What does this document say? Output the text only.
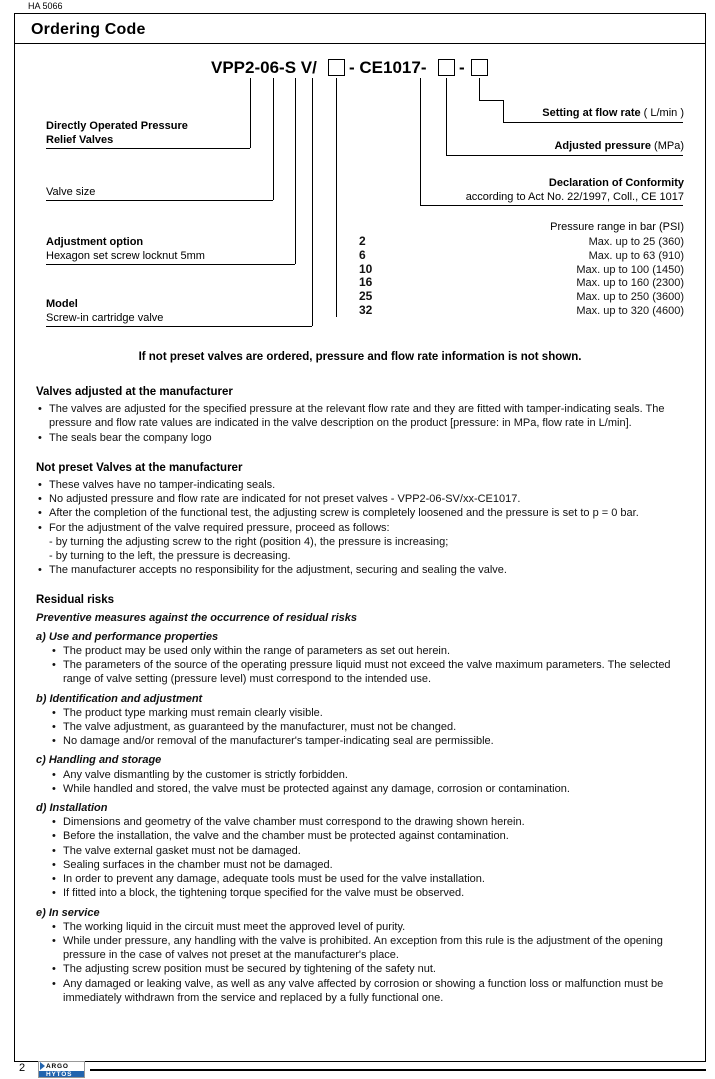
HA 5066
Ordering Code
VPP2-06-S V/ - CE1017- -
Directly Operated Pressure
Relief Valves
Valve size
Adjustment option
Hexagon set screw locknut 5mm
Model
Screw-in cartridge valve
Setting at flow rate ( L/min )
Adjusted pressure (MPa)
Declaration of Conformity
according to Act No. 22/1997, Coll., CE 1017
Pressure range in bar (PSI)
2	Max. up to 25 (360)
6	Max. up to 63 (910)
10	Max. up to 100 (1450)
16	Max. up to 160 (2300)
25	Max. up to 250 (3600)
32	Max. up to 320 (4600)
If not preset valves are ordered, pressure and flow rate information is not shown.
Valves adjusted at the manufacturer
• The valves are adjusted for the specified pressure at the relevant flow rate and they are fitted with tamper-indicating seals. The pressure and flow rate values are indicated in the valve description on the product [pressure: in MPa, flow rate in L/min].
• The seals bear the company logo
Not preset Valves at the manufacturer
• These valves have no tamper-indicating seals.
• No adjusted pressure and flow rate are indicated for not preset valves - VPP2-06-SV/xx-CE1017.
• After the completion of the functional test, the adjusting screw is completely loosened and the pressure is set to p = 0 bar.
• For the adjustment of the valve required pressure, proceed as follows:
- by turning the adjusting screw to the right (position 4), the pressure is increasing;
- by turning to the left, the pressure is decreasing.
• The manufacturer accepts no responsibility for the adjustment, securing and sealing the valve.
Residual risks
Preventive measures against the occurrence of residual risks
a) Use and performance properties
• The product may be used only within the range of parameters as set out herein.
• The parameters of the source of the operating pressure liquid must not exceed the valve maximum parameters. The selected range of valve setting (pressure level) must correspond to the intended use.
b) Identification and adjustment
• The product type marking must remain clearly visible.
• The valve adjustment, as guaranteed by the manufacturer, must not be changed.
• No damage and/or removal of the manufacturer's tamper-indicating seal are permissible.
c) Handling and storage
• Any valve dismantling by the customer is strictly forbidden.
• While handled and stored, the valve must be protected against any damage, corrosion or contamination.
d) Installation
• Dimensions and geometry of the valve chamber must correspond to the drawing shown herein.
• Before the installation, the valve and the chamber must be protected against contamination.
• The valve external gasket must not be damaged.
• Sealing surfaces in the chamber must not be damaged.
• In order to prevent any damage, adequate tools must be used for the valve installation.
• If fitted into a block, the tightening torque specified for the valve must be observed.
e) In service
• The working liquid in the circuit must meet the approved level of purity.
• While under pressure, any handling with the valve is prohibited. An exception from this rule is the adjustment of the opening pressure in the case of valves not preset at the manufacturer's place.
• The adjusting screw position must be secured by tightening of the safety nut.
• Any damaged or leaking valve, as well as any valve affected by corrosion or showing a function loss or malfunction must be immediately withdrawn from the service and replaced by a fully functional one.
2	ARGO
HYTOS
